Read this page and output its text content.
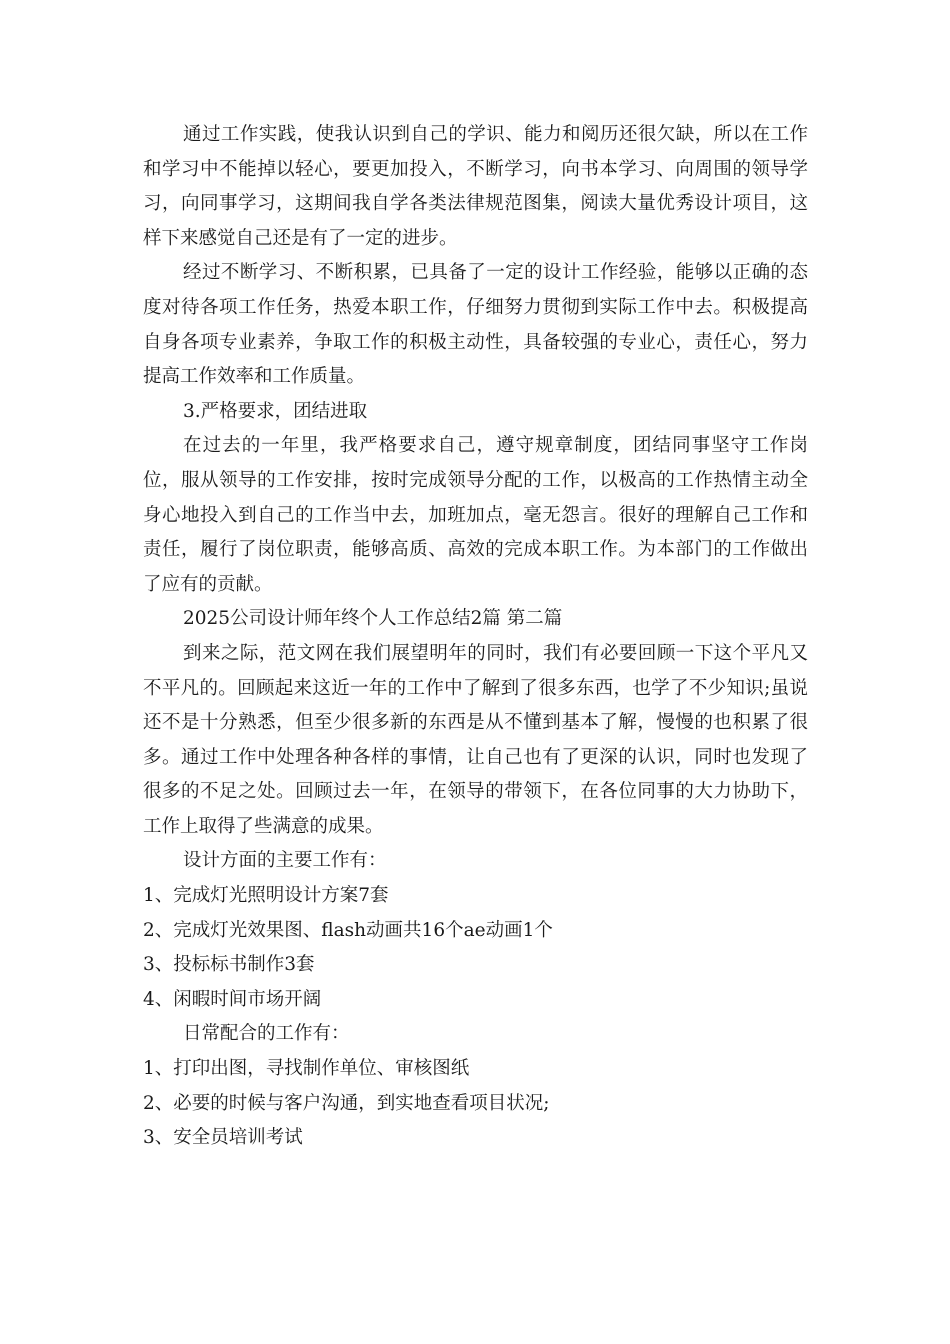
通过工作实践，使我认识到自己的学识、能力和阅历还很欠缺，所以在工作和学习中不能掉以轻心，要更加投入，不断学习，向书本学习、向周围的领导学习，向同事学习，这期间我自学各类法律规范图集，阅读大量优秀设计项目，这样下来感觉自己还是有了一定的进步。

经过不断学习、不断积累，已具备了一定的设计工作经验，能够以正确的态度对待各项工作任务，热爱本职工作，仔细努力贯彻到实际工作中去。积极提高自身各项专业素养，争取工作的积极主动性，具备较强的专业心，责任心，努力提高工作效率和工作质量。

3.严格要求，团结进取

在过去的一年里，我严格要求自己，遵守规章制度，团结同事坚守工作岗位，服从领导的工作安排，按时完成领导分配的工作，以极高的工作热情主动全身心地投入到自己的工作当中去，加班加点，毫无怨言。很好的理解自己工作和责任，履行了岗位职责，能够高质、高效的完成本职工作。为本部门的工作做出了应有的贡献。

2025公司设计师年终个人工作总结2篇 第二篇

到来之际，范文网在我们展望明年的同时，我们有必要回顾一下这个平凡又不平凡的。回顾起来这近一年的工作中了解到了很多东西，也学了不少知识;虽说还不是十分熟悉，但至少很多新的东西是从不懂到基本了解，慢慢的也积累了很多。通过工作中处理各种各样的事情，让自己也有了更深的认识，同时也发现了很多的不足之处。回顾过去一年，在领导的带领下，在各位同事的大力协助下，工作上取得了些满意的成果。

设计方面的主要工作有：

1、完成灯光照明设计方案7套

2、完成灯光效果图、flash动画共16个ae动画1个

3、投标标书制作3套

4、闲暇时间市场开阔

日常配合的工作有：

1、打印出图，寻找制作单位、审核图纸

2、必要的时候与客户沟通，到实地查看项目状况;

3、安全员培训考试
